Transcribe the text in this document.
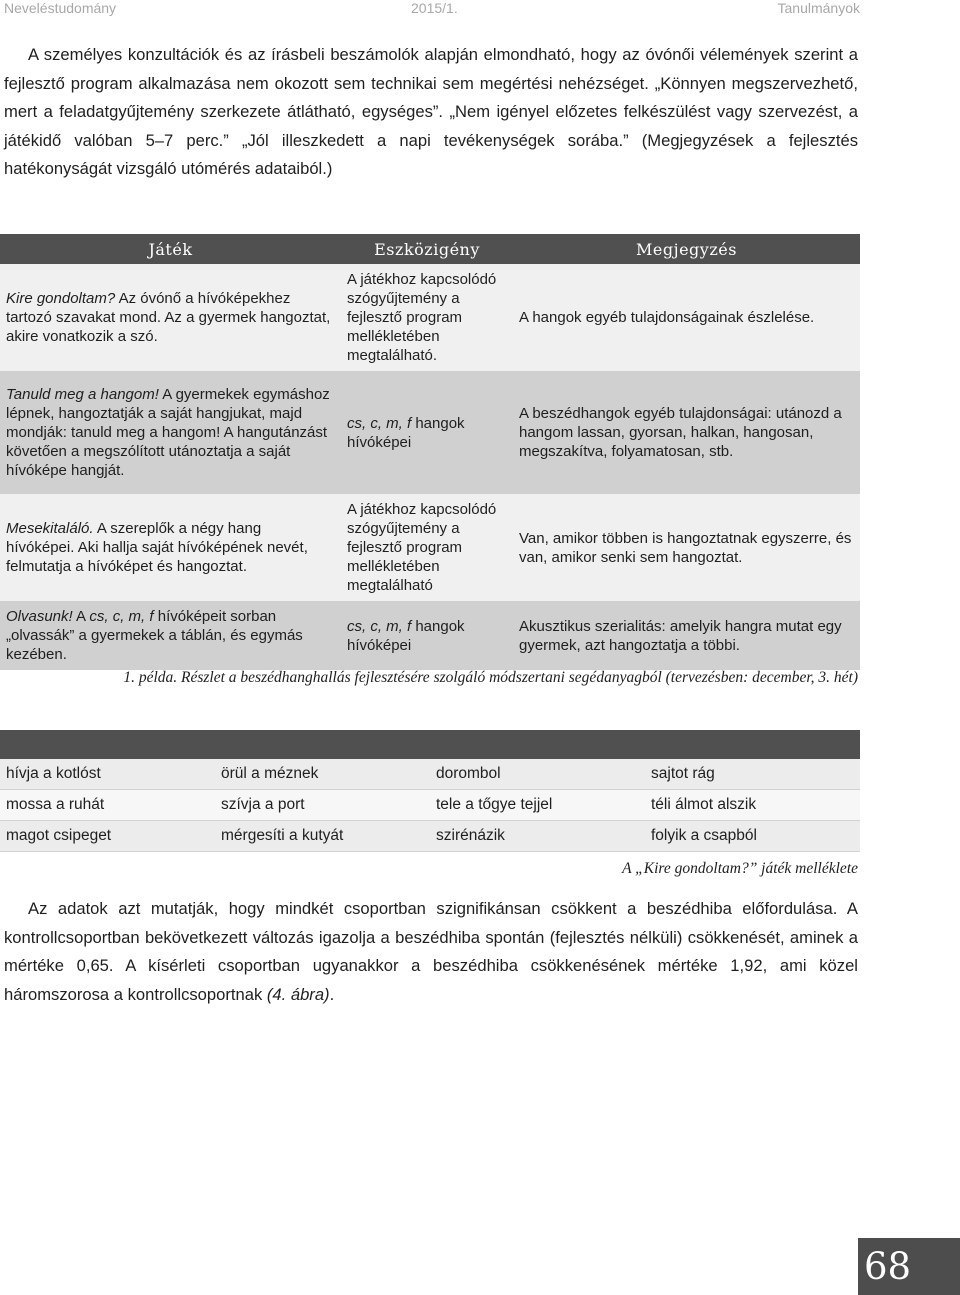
Neveléstudomány	2015/1.	Tanulmányok

A személyes konzultációk és az írásbeli beszámolók alapján elmondható, hogy az óvónői vélemények szerint a fejlesztő program alkalmazása nem okozott sem technikai sem megértési nehézséget. „Könnyen megszervezhető, mert a feladatgyűjtemény szerkezete átlátható, egységes”. „Nem igényel előzetes felkészülést vagy szervezést, a játékidő valóban 5–7 perc.” „Jól illeszkedett a napi tevékenységek sorába.” (Megjegyzések a fejlesztés hatékonyságát vizsgáló utómérés adataiból.)

Játék	Eszközigény	Megjegyzés
Kire gondoltam? Az óvónő a hívóképekhez tartozó szavakat mond. Az a gyermek hangoztat, akire vonatkozik a szó.	A játékhoz kapcsolódó szógyűjtemény a fejlesztő program mellékletében megtalálható.	A hangok egyéb tulajdonságainak észlelése.
Tanuld meg a hangom! A gyermekek egymáshoz lépnek, hangoztatják a saját hangjukat, majd mondják: tanuld meg a hangom! A hangutánzást követően a megszólított utánoztatja a saját hívóképe hangját.	cs, c, m, f hangok hívóképei	A beszédhangok egyéb tulajdonságai: utánozd a hangom lassan, gyorsan, halkan, hangosan, megszakítva, folyamatosan, stb.
Mesekitaláló. A szereplők a négy hang hívóképei. Aki hallja saját hívóképének nevét, felmutatja a hívóképet és hangoztat.	A játékhoz kapcsolódó szógyűjtemény a fejlesztő program mellékletében megtalálható	Van, amikor többen is hangoztatnak egyszerre, és van, amikor senki sem hangoztat.
Olvasunk! A cs, c, m, f hívóképeit sorban „olvassák” a gyermekek a táblán, és egymás kezében.	cs, c, m, f hangok hívóképei	Akusztikus szerialitás: amelyik hangra mutat egy gyermek, azt hangoztatja a többi.

1. példa. Részlet a beszédhanghallás fejlesztésére szolgáló módszertani segédanyagból (tervezésben: december, 3. hét)

hívja a kotlóst	örül a méznek	dorombol	sajtot rág
mossa a ruhát	szívja a port	tele a tőgye tejjel	téli álmot alszik
magot csipeget	mérgesíti a kutyát	szirénázik	folyik a csapból

A „Kire gondoltam?” játék melléklete

Az adatok azt mutatják, hogy mindkét csoportban szignifikánsan csökkent a beszédhiba előfordulása. A kontrollcsoportban bekövetkezett változás igazolja a beszédhiba spontán (fejlesztés nélküli) csökkenését, aminek a mértéke 0,65. A kísérleti csoportban ugyanakkor a beszédhiba csökkenésének mértéke 1,92, ami közel háromszorosa a kontrollcsoportnak (4. ábra).

68
